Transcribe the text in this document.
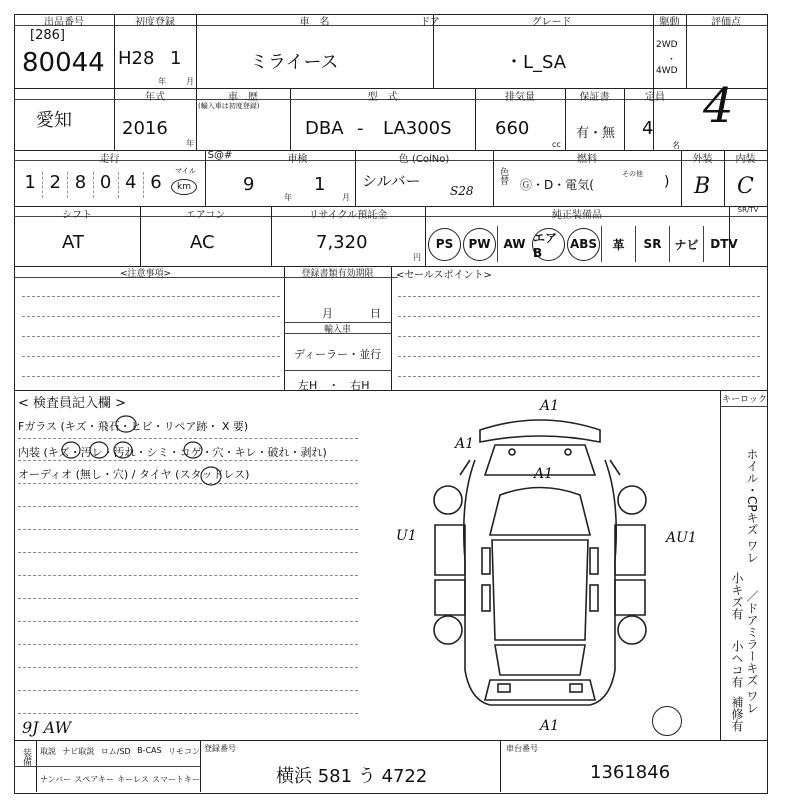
出品番号
[286]
80044
初度登録
H28 1
年	月
車　名
ミライース
ドア	グレード
・L_SA
駆動
2WD
・
4WD
評価点
4
愛知
年式
2016
年
車　歴
(輸入車は初度登録)
型　式
DBA - LA300S
排気量
660
cc
保証書
有・無
定員
4
名
走行
1 2 8 0 4 6
マイル
km
S@#	車検
9
年
1
月
色 (ColNo)
シルバー
S28
色替
燃料
Ⓖ・D・電気(
その他 )
外装
B
内装
C
シフト
AT
エアコン
AC
リサイクル預託金
7,320
円
純正装備品	SR/TV
PS	PW	AW エアB
ABS	革	SR	ナビ DTV
<注意事項>	登録書類有効期限
月	日
輸入車
ディーラー・並行
左H　・　右H
<セールスポイント>
< 検査員記入欄 >
Fガラス (キズ・飛石・ヒビ・リペア跡・ X 要)
内装 (キズ・汚レ・汚れ・シミ・コゲ・穴・キレ・破れ・剥れ)
オーディオ (無し・穴) / タイヤ (スタッドレス)
9J AW
キーロック
ホイル・CPキズ ワレ
／ドアミラーキズ ワレ
小キズ有
小ヘコ有
補修有
A1
A1
A1
U1	AU1
A1
装備 取説 ナビ取説 ロム/SD B-CAS リモコン
ナンバー スペアキー キーレス スマートキー
登録番号
横浜 581 う 4722
車台番号
1361846
